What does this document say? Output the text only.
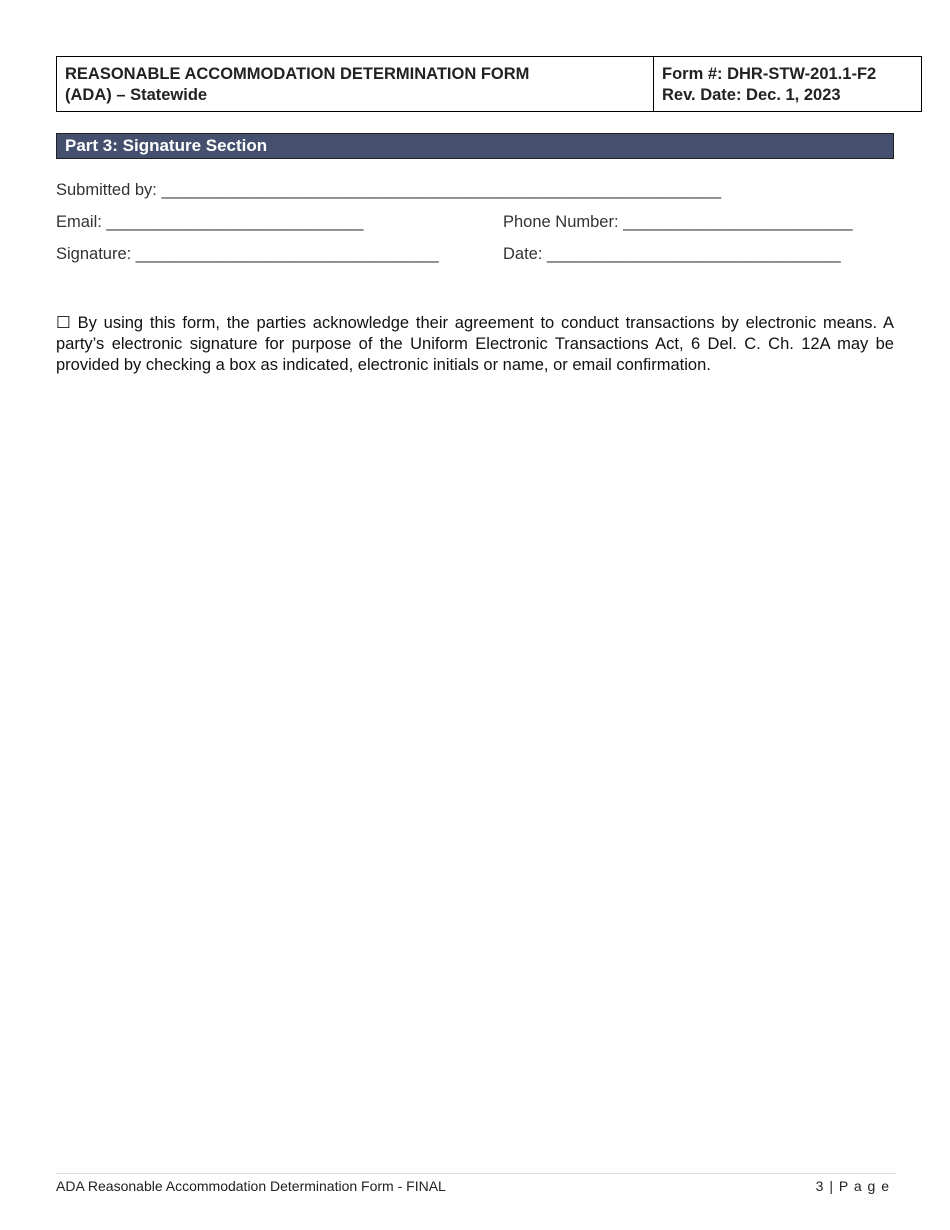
REASONABLE ACCOMMODATION DETERMINATION FORM
(ADA) – Statewide
Form #: DHR-STW-201.1-F2
Rev. Date: Dec. 1, 2023
Part 3: Signature Section
Submitted by: _____________________________________________________________
Email: ____________________________	Phone Number: _________________________
Signature: _________________________________	Date: ________________________________
☐ By using this form, the parties acknowledge their agreement to conduct transactions by electronic means. A party’s electronic signature for purpose of the Uniform Electronic Transactions Act, 6 Del. C. Ch. 12A may be provided by checking a box as indicated, electronic initials or name, or email confirmation.
ADA Reasonable Accommodation Determination Form - FINAL	3 | P a g e
